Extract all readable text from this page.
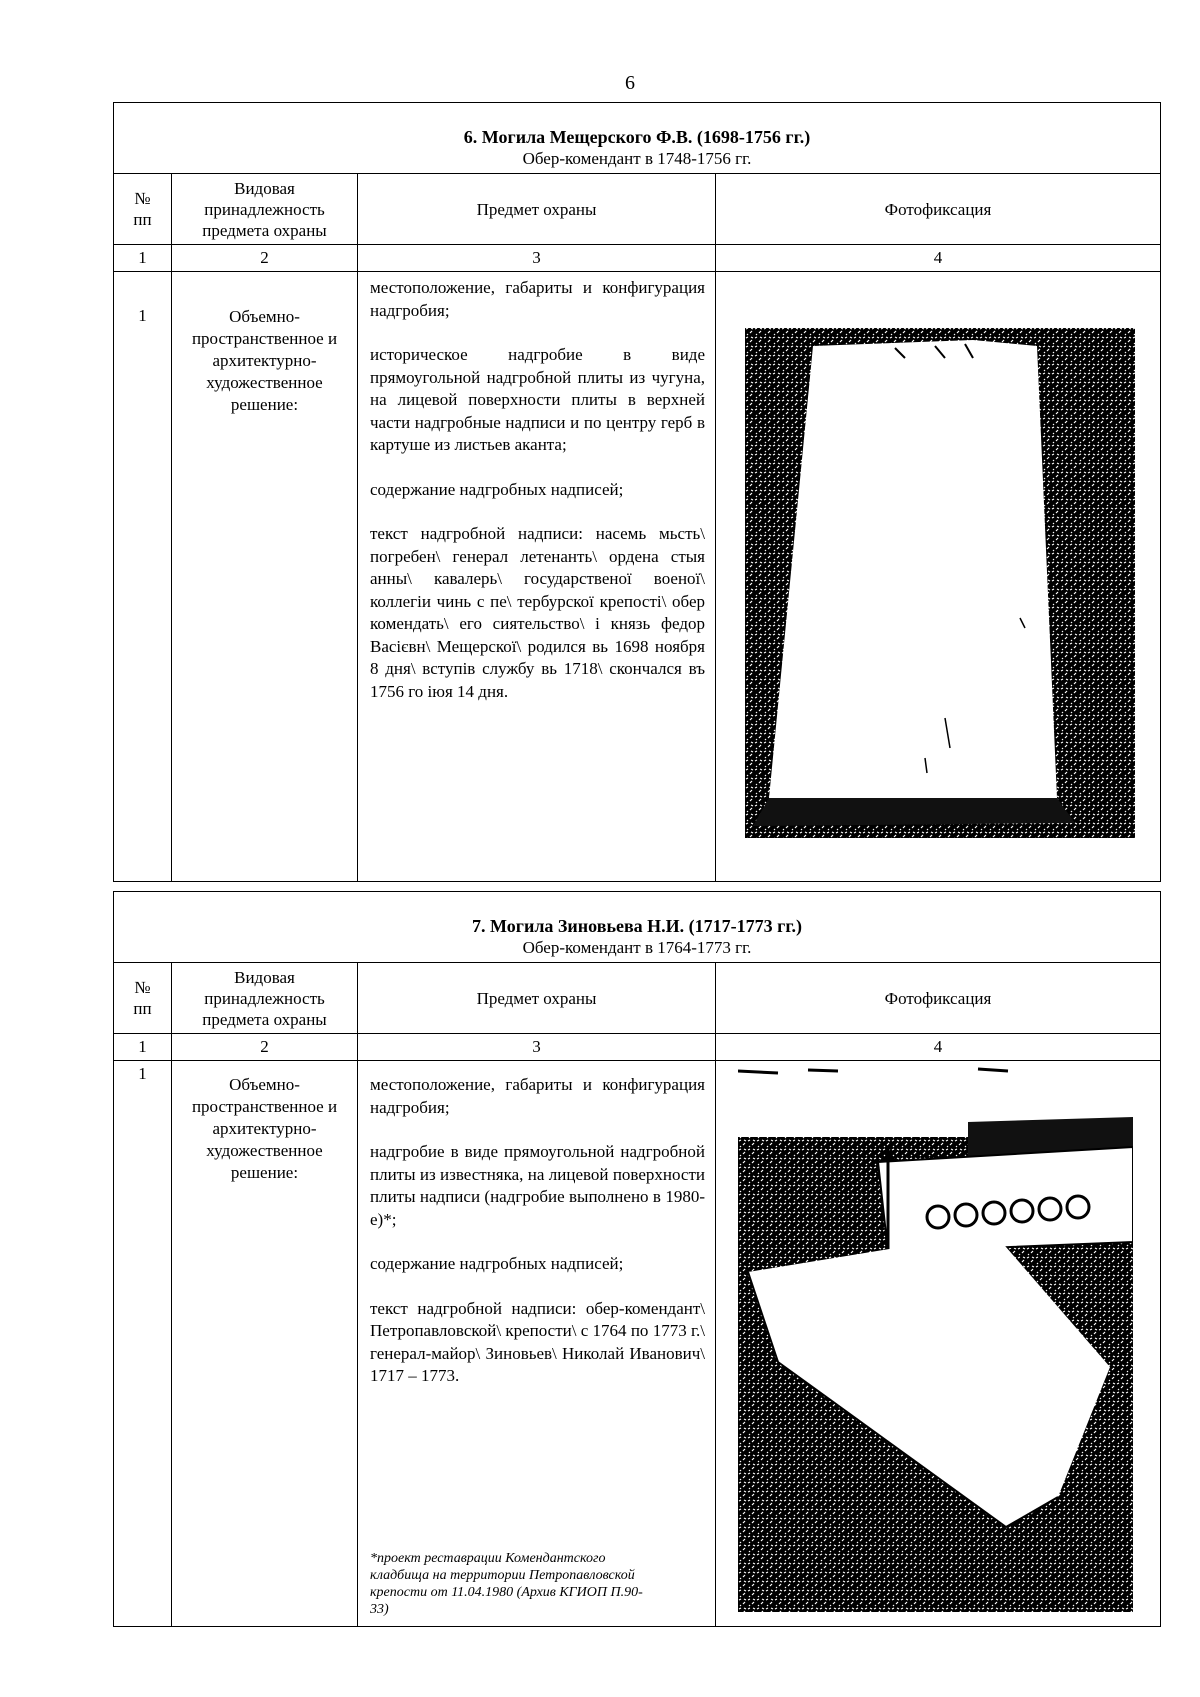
6
6. Могила Мещерского Ф.В. (1698-1756 гг.)
Обер-комендант в 1748-1756 гг.			

№
пп	Видовая принадлежность предмета охраны	Предмет охраны	Фотофиксация
1	2	3	4
1	Объемно-пространственное и архитектурно-художественное решение:	местоположение, габариты и конфигурация надгробия;

историческое надгробие в виде прямоугольной надгробной плиты из чугуна, на лицевой поверхности плиты в верхней части надгробные надписи и по центру герб в картуше из листьев аканта;

содержание надгробных надписей;

текст надгробной надписи: насемь мьсть\ погребен\ генерал летенанть\ ордена стыя анны\ кавалерь\ государственої военої\ коллегіи чинь с пе\ тербурскої крепості\ обер комендать\ его сиятельство\ і князь федор Васієвн\ Мещерскої\ родился вь 1698 ноября 8 дня\ вступів службу вь 1718\ скончался въ 1756 го іюя 14 дня.

7. Могила Зиновьева Н.И. (1717-1773 гг.)
Обер-комендант в 1764-1773 гг.			

№
пп	Видовая принадлежность предмета охраны	Предмет охраны	Фотофиксация
1	2	3	4
1	Объемно-пространственное и архитектурно-художественное решение:	местоположение, габариты и конфигурация надгробия;

надгробие в виде прямоугольной надгробной плиты из известняка, на лицевой поверхности плиты надписи (надгробие выполнено в 1980-е)*;

содержание надгробных надписей;

текст надгробной надписи: обер-комендант\ Петропавловской\ крепости\ с 1764 по 1773 г.\ генерал-майор\ Зиновьев\ Николай Иванович\ 1717 – 1773.

*проект реставрации Комендантского кладбища на территории Петропавловской крепости от 11.04.1980 (Архив КГИОП П.90-33)
